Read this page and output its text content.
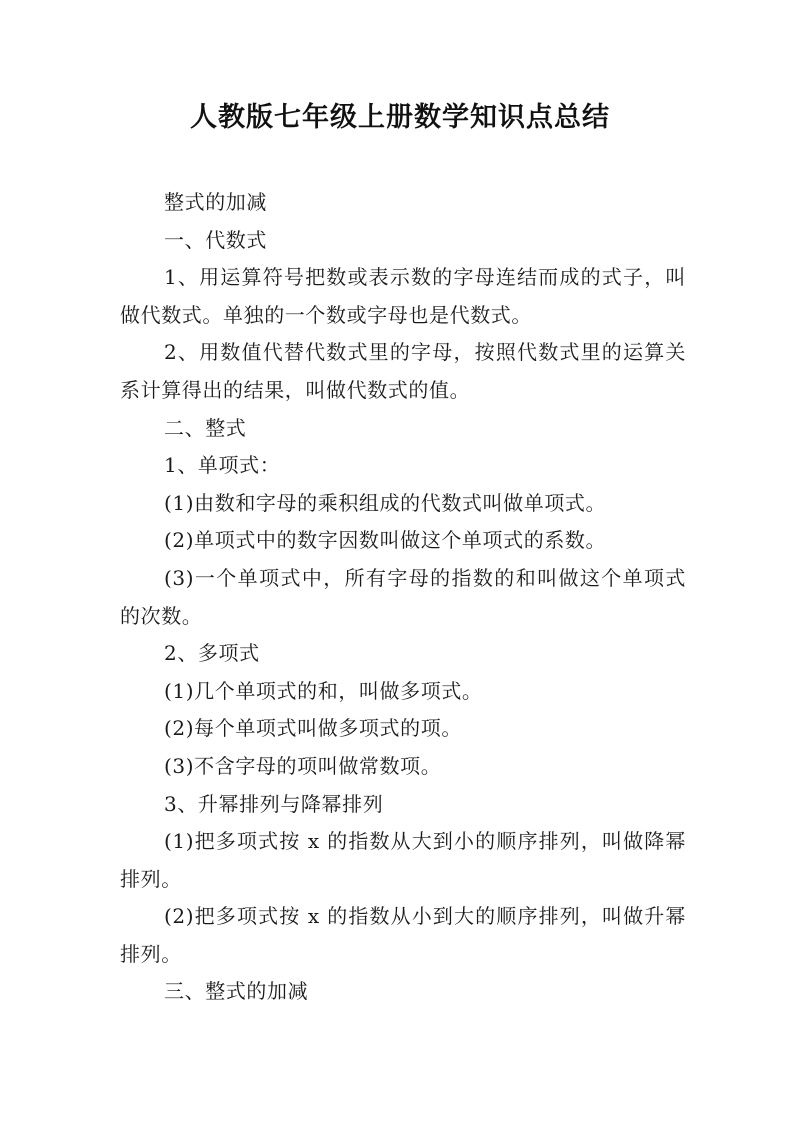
人教版七年级上册数学知识点总结

整式的加减

一、代数式

1、用运算符号把数或表示数的字母连结而成的式子，叫做代数式。单独的一个数或字母也是代数式。

2、用数值代替代数式里的字母，按照代数式里的运算关系计算得出的结果，叫做代数式的值。

二、整式

1、单项式：

(1)由数和字母的乘积组成的代数式叫做单项式。

(2)单项式中的数字因数叫做这个单项式的系数。

(3)一个单项式中，所有字母的指数的和叫做这个单项式的次数。

2、多项式

(1)几个单项式的和，叫做多项式。

(2)每个单项式叫做多项式的项。

(3)不含字母的项叫做常数项。

3、升幂排列与降幂排列

(1)把多项式按 x 的指数从大到小的顺序排列，叫做降幂排列。

(2)把多项式按 x 的指数从小到大的顺序排列，叫做升幂排列。

三、整式的加减
